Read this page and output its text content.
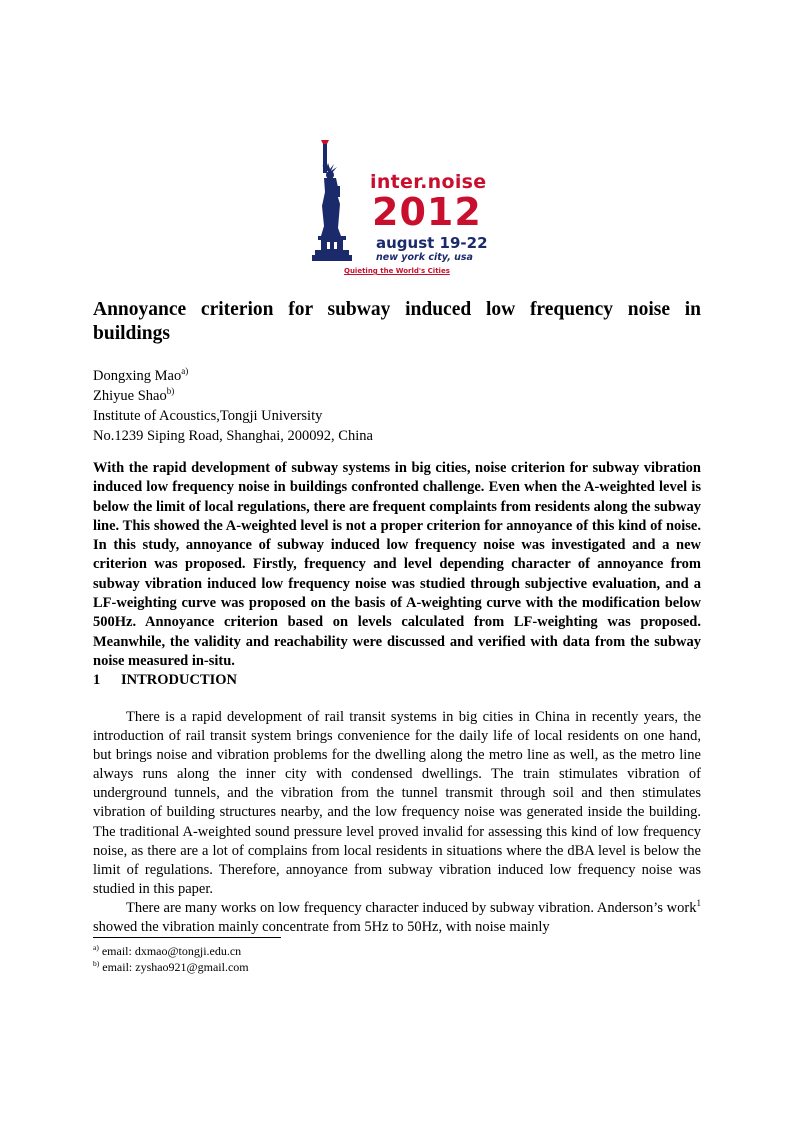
inter.noise
2012
august 19-22
new york city, usa
Quieting the World's Cities
Annoyance criterion for subway induced low frequency noise in buildings
Dongxing Mao$^{a)}$
Zhiyue Shao$^{b)}$
Institute of Acoustics,Tongji University
No.1239 Siping Road, Shanghai, 200092, China
With the rapid development of subway systems in big cities, noise criterion for subway vibration induced low frequency noise in buildings confronted challenge. Even when the A-weighted level is below the limit of local regulations, there are frequent complaints from residents along the subway line. This showed the A-weighted level is not a proper criterion for annoyance of this kind of noise. In this study, annoyance of subway induced low frequency noise was investigated and a new criterion was proposed. Firstly, frequency and level depending character of annoyance from subway vibration induced low frequency noise was studied through subjective evaluation, and a LF-weighting curve was proposed on the basis of A-weighting curve with the modification below 500Hz. Annoyance criterion based on levels calculated from LF-weighting was proposed. Meanwhile, the validity and reachability were discussed and verified with data from the subway noise measured in-situ.
1 INTRODUCTION

There is a rapid development of rail transit systems in big cities in China in recently years, the introduction of rail transit system brings convenience for the daily life of local residents on one hand, but brings noise and vibration problems for the dwelling along the metro line as well, as the metro line always runs along the inner city with condensed dwellings. The train stimulates vibration of underground tunnels, and the vibration from the tunnel transmit through soil and then stimulates vibration of building structures nearby, and the low frequency noise was generated inside the building. The traditional A-weighted sound pressure level proved invalid for assessing this kind of low frequency noise, as there are a lot of complains from local residents in situations where the dBA level is below the limit of regulations. Therefore, annoyance from subway vibration induced low frequency noise was studied in this paper.

There are many works on low frequency character induced by subway vibration. Anderson’s work$^1$ showed the vibration mainly concentrate from 5Hz to 50Hz, with noise mainly

$^{a)}$ email: dxmao@tongji.edu.cn
$^{b)}$ email: zyshao921@gmail.com
